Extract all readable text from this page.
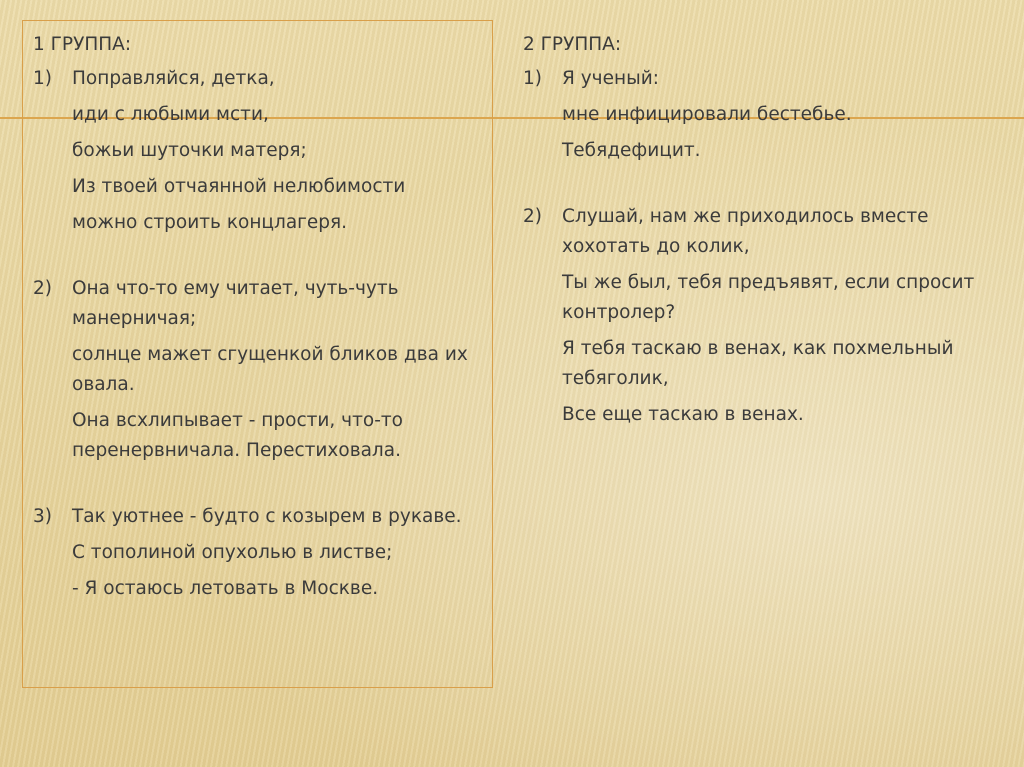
1 ГРУППА:
1) Поправляйся, детка,
иди с любыми мсти,
божьи шуточки матеря;
Из твоей отчаянной нелюбимости
можно строить концлагеря.
2) Она что-то ему читает, чуть-чуть манерничая;
солнце мажет сгущенкой бликов два их овала.
Она всхлипывает - прости, что-то перенервничала. Перестиховала.
3) Так уютнее - будто с козырем в рукаве.
С тополиной опухолью в листве;
- Я остаюсь летовать в Москве.
2 ГРУППА:
1) Я ученый:
мне инфицировали бестебье.
Тебядефицит.
2) Слушай, нам же приходилось вместе хохотать до колик,
Ты же был, тебя предъявят, если спросит контролер?
Я тебя таскаю в венах, как похмельный тебяголик,
Все еще таскаю в венах.
